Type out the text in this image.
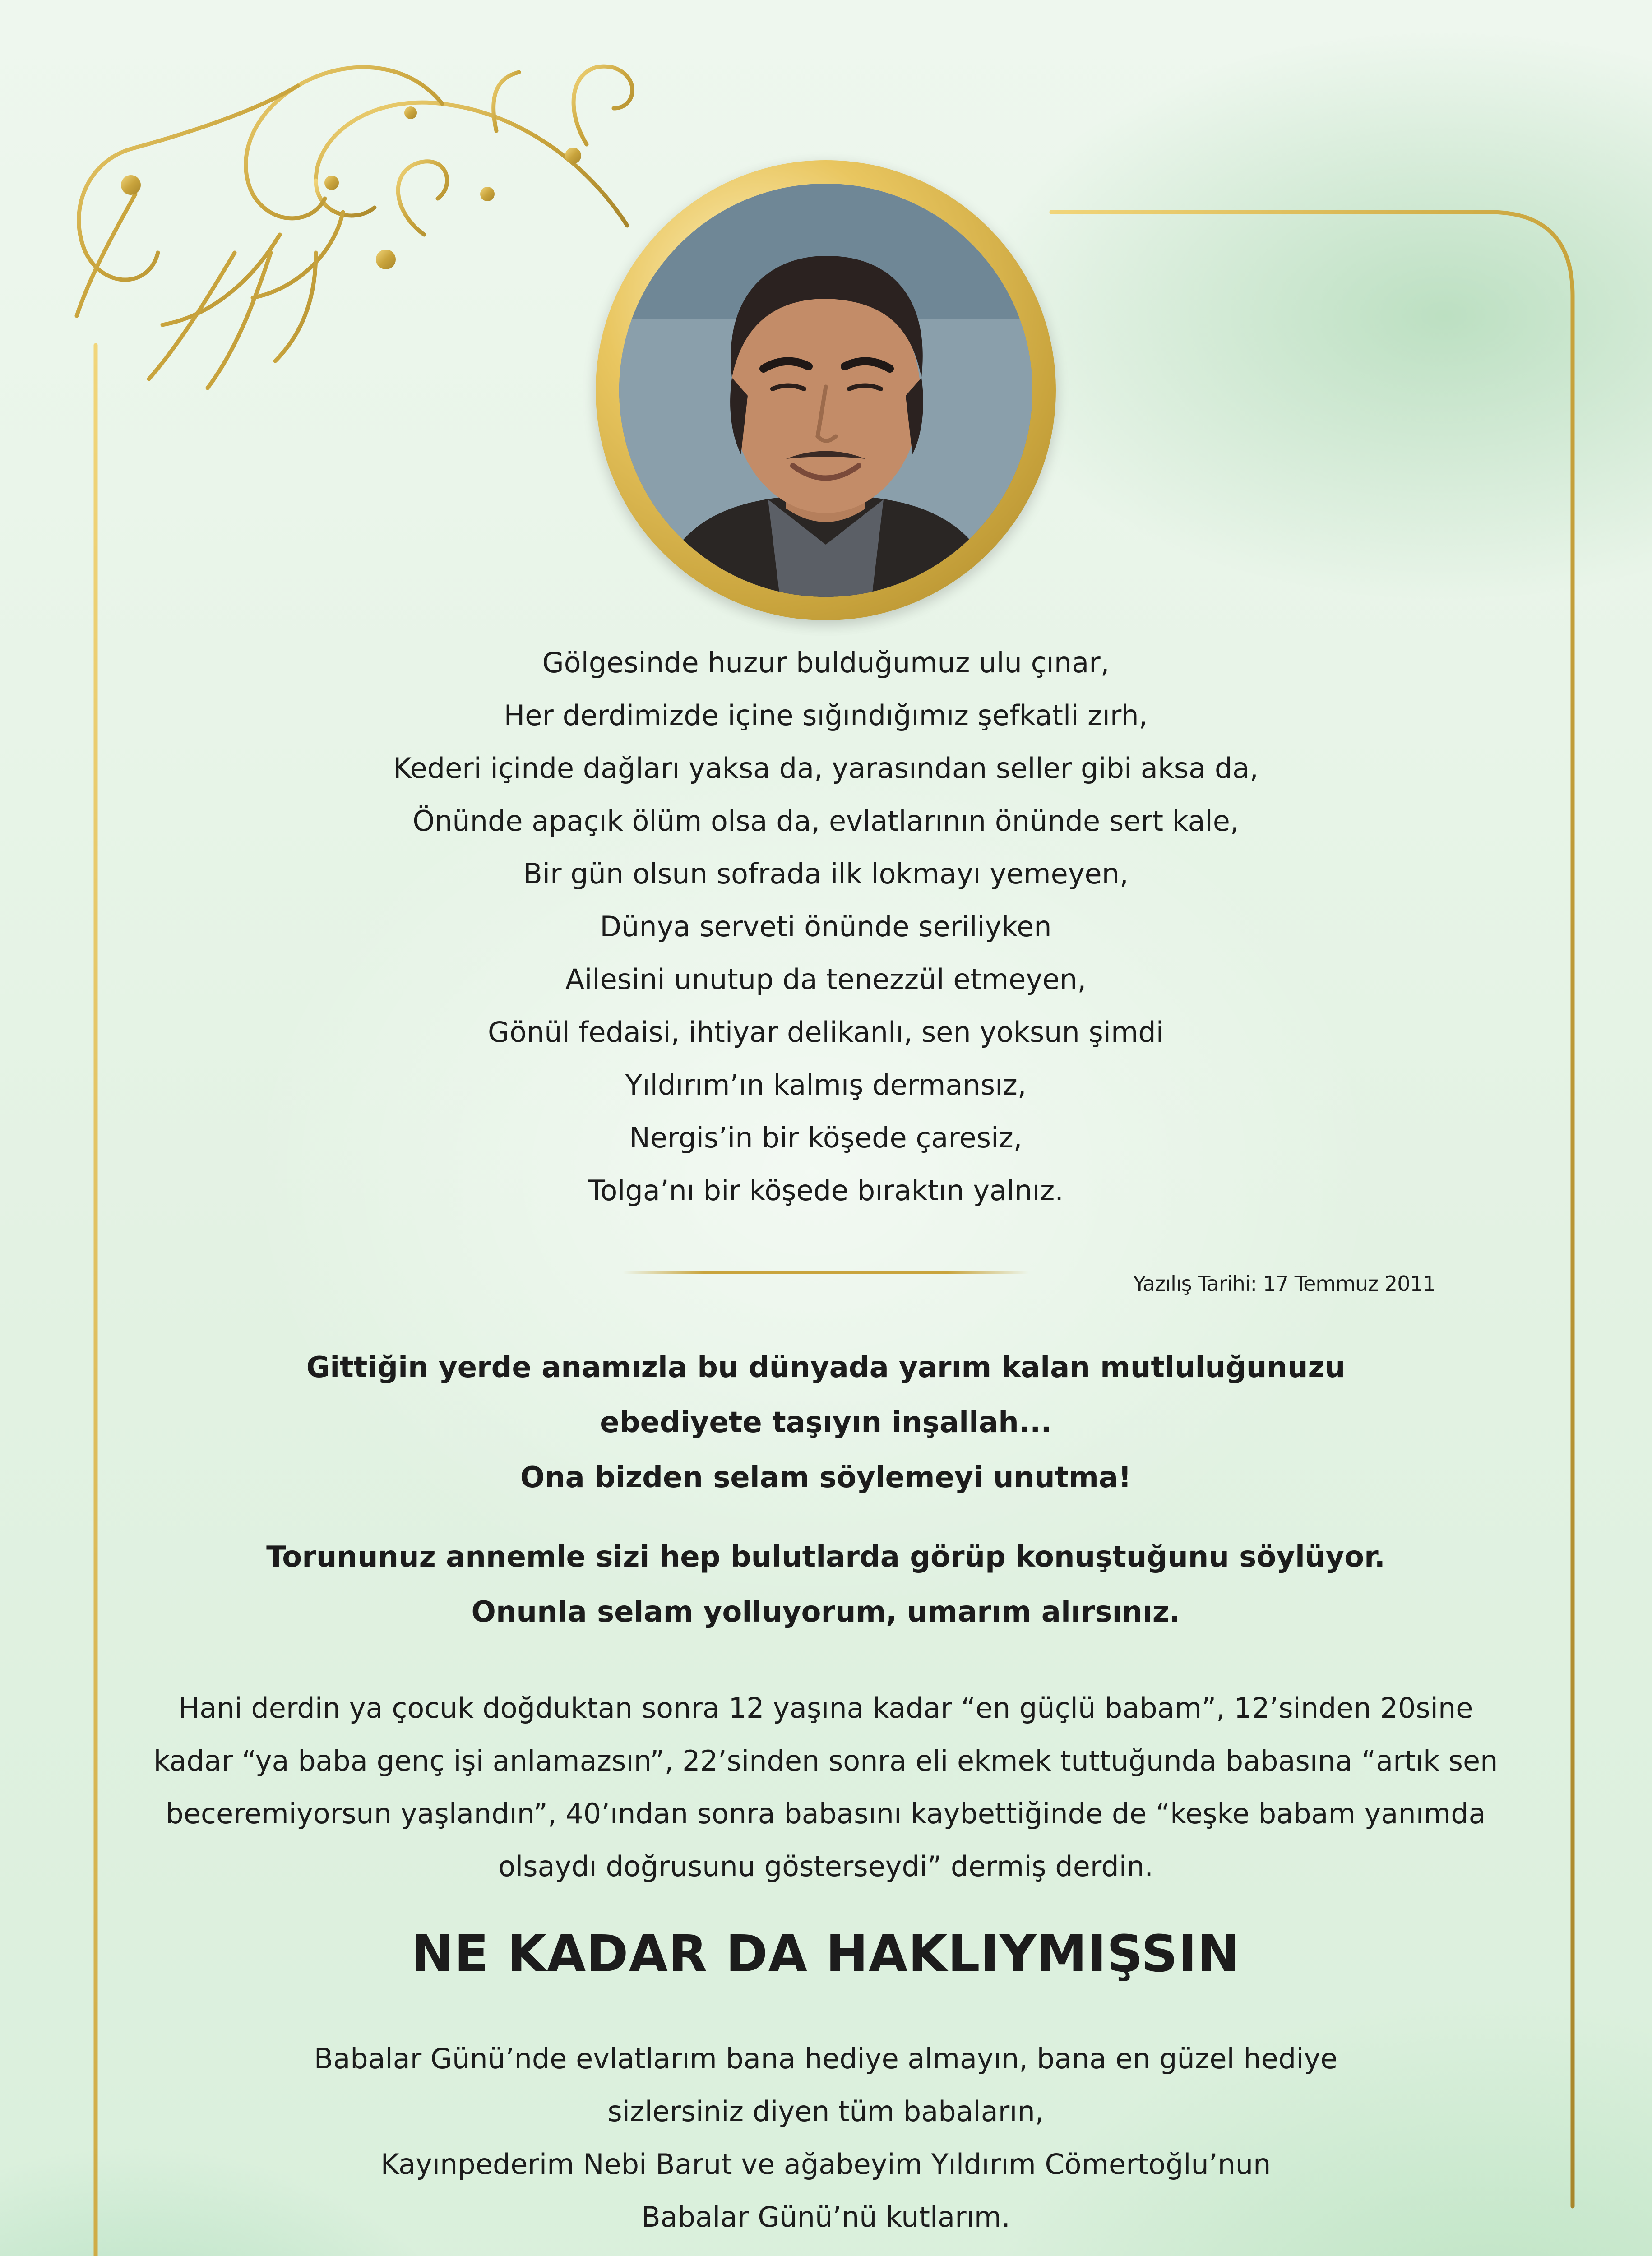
Gölgesinde huzur bulduğumuz ulu çınar,
Her derdimizde içine sığındığımız şefkatli zırh,
Kederi içinde dağları yaksa da, yarasından seller gibi aksa da,
Önünde apaçık ölüm olsa da, evlatlarının önünde sert kale,
Bir gün olsun sofrada ilk lokmayı yemeyen,
Dünya serveti önünde seriliyken
Ailesini unutup da tenezzül etmeyen,
Gönül fedaisi, ihtiyar delikanlı, sen yoksun şimdi
Yıldırım’ın kalmış dermansız,
Nergis’in bir köşede çaresiz,
Tolga’nı bir köşede bıraktın yalnız.
Yazılış Tarihi: 17 Temmuz 2011
Gittiğin yerde anamızla bu dünyada yarım kalan mutluluğunuzu
ebediyete taşıyın inşallah...
Ona bizden selam söylemeyi unutma!
Torununuz annemle sizi hep bulutlarda görüp konuştuğunu söylüyor.
Onunla selam yolluyorum, umarım alırsınız.
Hani derdin ya çocuk doğduktan sonra 12 yaşına kadar “en güçlü babam”, 12’sinden 20sine
kadar “ya baba genç işi anlamazsın”, 22’sinden sonra eli ekmek tuttuğunda babasına “artık sen
beceremiyorsun yaşlandın”, 40’ından sonra babasını kaybettiğinde de “keşke babam yanımda
olsaydı doğrusunu gösterseydi” dermiş derdin.
NE KADAR DA HAKLIYMIŞSIN
Babalar Günü’nde evlatlarım bana hediye almayın, bana en güzel hediye
sizlersiniz diyen tüm babaların,
Kayınpederim Nebi Barut ve ağabeyim Yıldırım Cömertoğlu’nun
Babalar Günü’nü kutlarım.
